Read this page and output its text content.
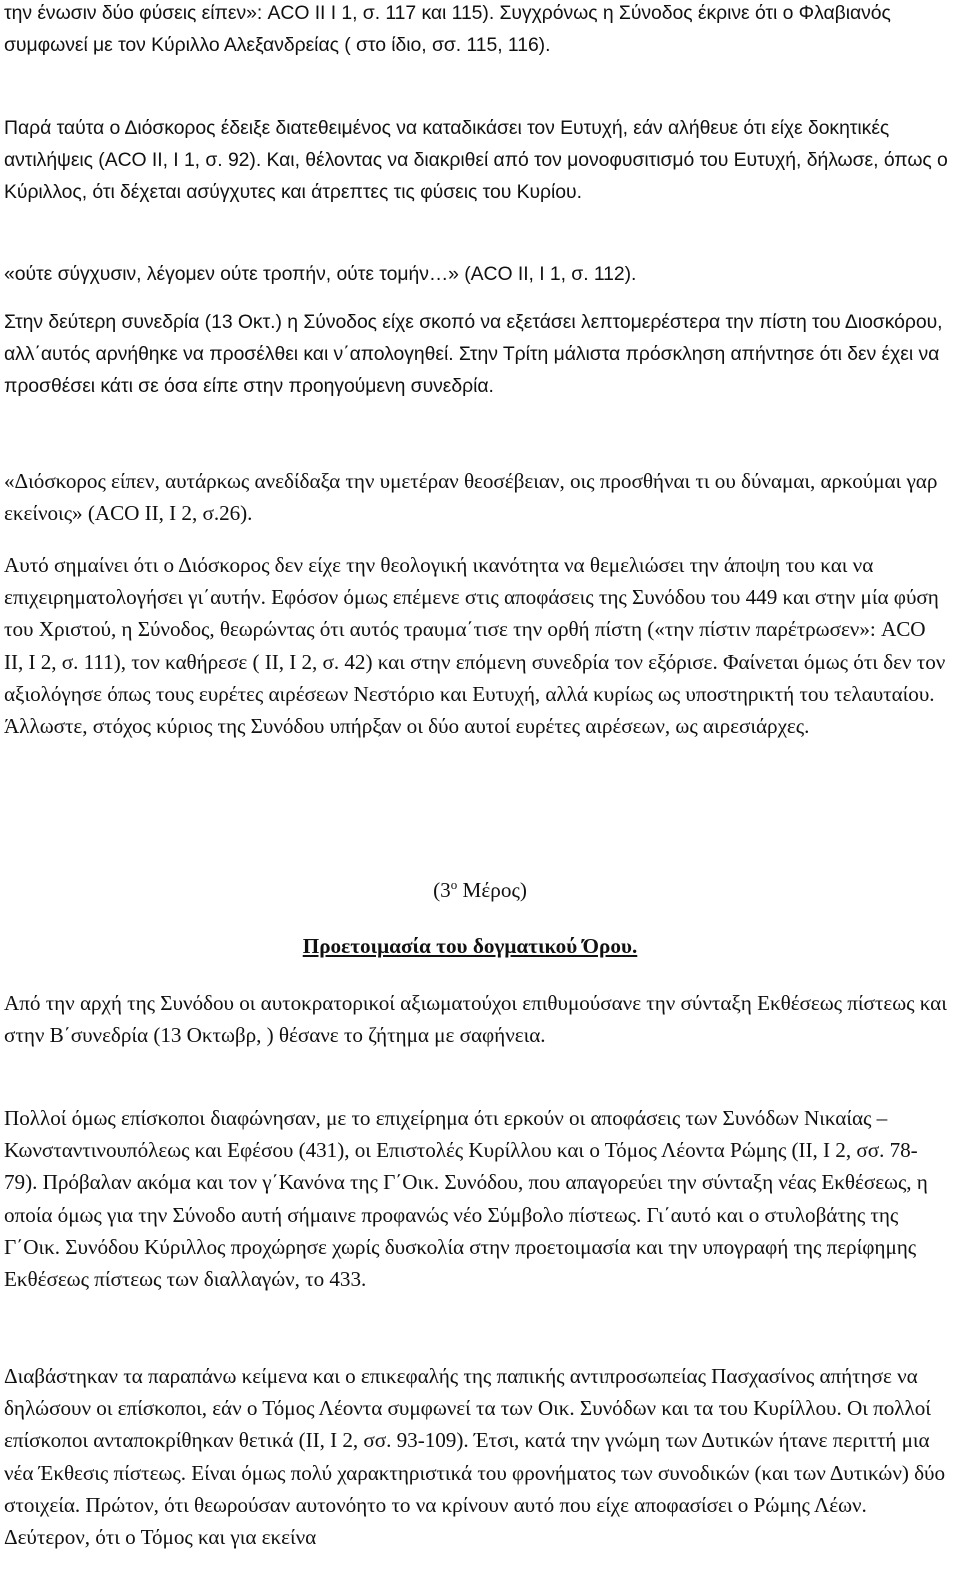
την ένωσιν δύο φύσεις είπεν»: ACO II I 1, σ. 117 και 115). Συγχρόνως η Σύνοδος έκρινε ότι ο Φλαβιανός συμφωνεί με τον Κύριλλο Αλεξανδρείας ( στο ίδιο, σσ. 115, 116).

Παρά ταύτα ο Διόσκορος έδειξε διατεθειμένος να καταδικάσει τον Ευτυχή, εάν αλήθευε ότι είχε δοκητικές αντιλήψεις (ACO II, I 1, σ. 92). Και, θέλοντας να διακριθεί από τον μονοφυσιτισμό του Ευτυχή, δήλωσε, όπως ο Κύριλλος, ότι δέχεται ασύγχυτες και άτρεπτες τις φύσεις του Κυρίου.

«ούτε σύγχυσιν, λέγομεν ούτε τροπήν, ούτε τομήν…» (ACO II, I 1, σ. 112).

Στην δεύτερη συνεδρία (13 Οκτ.) η Σύνοδος είχε σκοπό να εξετάσει λεπτομερέστερα την πίστη του Διοσκόρου, αλλ΄αυτός αρνήθηκε να προσέλθει και ν΄απολογηθεί. Στην Τρίτη μάλιστα πρόσκληση απήντησε ότι δεν έχει να προσθέσει κάτι σε όσα είπε στην προηγούμενη συνεδρία.

«Διόσκορος είπεν, αυτάρκως ανεδίδαξα την υμετέραν θεοσέβειαν, οις προσθήναι τι ου δύναμαι, αρκούμαι γαρ εκείνοις» (ACO II, I 2, σ.26).

Αυτό σημαίνει ότι ο Διόσκορος δεν είχε την θεολογική ικανότητα να θεμελιώσει την άποψη του και να επιχειρηματολογήσει γι΄αυτήν. Εφόσον όμως επέμενε στις αποφάσεις της Συνόδου του 449 και στην μία φύση του Χριστού, η Σύνοδος, θεωρώντας ότι αυτός τραυμα΄τισε την ορθή πίστη («την πίστιν παρέτρωσεν»: ACO II, I 2, σ. 111), τον καθήρεσε ( II, I 2, σ. 42) και στην επόμενη συνεδρία τον εξόρισε. Φαίνεται όμως ότι δεν τον αξιολόγησε όπως τους ευρέτες αιρέσεων Νεστόριο και Ευτυχή, αλλά κυρίως ως υποστηρικτή του τελαυταίου. Άλλωστε, στόχος κύριος της Συνόδου υπήρξαν οι δύο αυτοί ευρέτες αιρέσεων, ως αιρεσιάρχες.

($3^o$ Μέρος)
Προετοιμασία του δογματικού Όρου.

Από την αρχή της Συνόδου οι αυτοκρατορικοί αξιωματούχοι επιθυμούσανε την σύνταξη Εκθέσεως πίστεως και στην Β΄συνεδρία (13 Οκτωβρ, ) θέσανε το ζήτημα με σαφήνεια.

Πολλοί όμως επίσκοποι διαφώνησαν, με το επιχείρημα ότι ερκούν οι αποφάσεις των Συνόδων Νικαίας – Κωνσταντινουπόλεως και Εφέσου (431), οι Επιστολές Κυρίλλου και ο Τόμος Λέοντα Ρώμης (II, I 2, σσ. 78-79). Πρόβαλαν ακόμα και τον γ΄Κανόνα της Γ΄Οικ. Συνόδου, που απαγορεύει την σύνταξη νέας Εκθέσεως, η οποία όμως για την Σύνοδο αυτή σήμαινε προφανώς νέο Σύμβολο πίστεως. Γι΄αυτό και ο στυλοβάτης της Γ΄Οικ. Συνόδου Κύριλλος προχώρησε χωρίς δυσκολία στην προετοιμασία και την υπογραφή της περίφημης Εκθέσεως πίστεως των διαλλαγών, το 433.

Διαβάστηκαν τα παραπάνω κείμενα και ο επικεφαλής της παπικής αντιπροσωπείας Πασχασίνος απήτησε να δηλώσουν οι επίσκοποι, εάν ο Τόμος Λέοντα συμφωνεί τα των Οικ. Συνόδων και τα του Κυρίλλου. Οι πολλοί επίσκοποι ανταποκρίθηκαν θετικά (II, I 2, σσ. 93-109). Έτσι, κατά την γνώμη των Δυτικών ήτανε περιττή μια νέα Έκθεσις πίστεως. Είναι όμως πολύ χαρακτηριστικά του φρονήματος των συνοδικών (και των Δυτικών) δύο στοιχεία. Πρώτον, ότι θεωρούσαν αυτονόητο το να κρίνουν αυτό που είχε αποφασίσει ο Ρώμης Λέων. Δεύτερον, ότι ο Τόμος και για εκείνα
